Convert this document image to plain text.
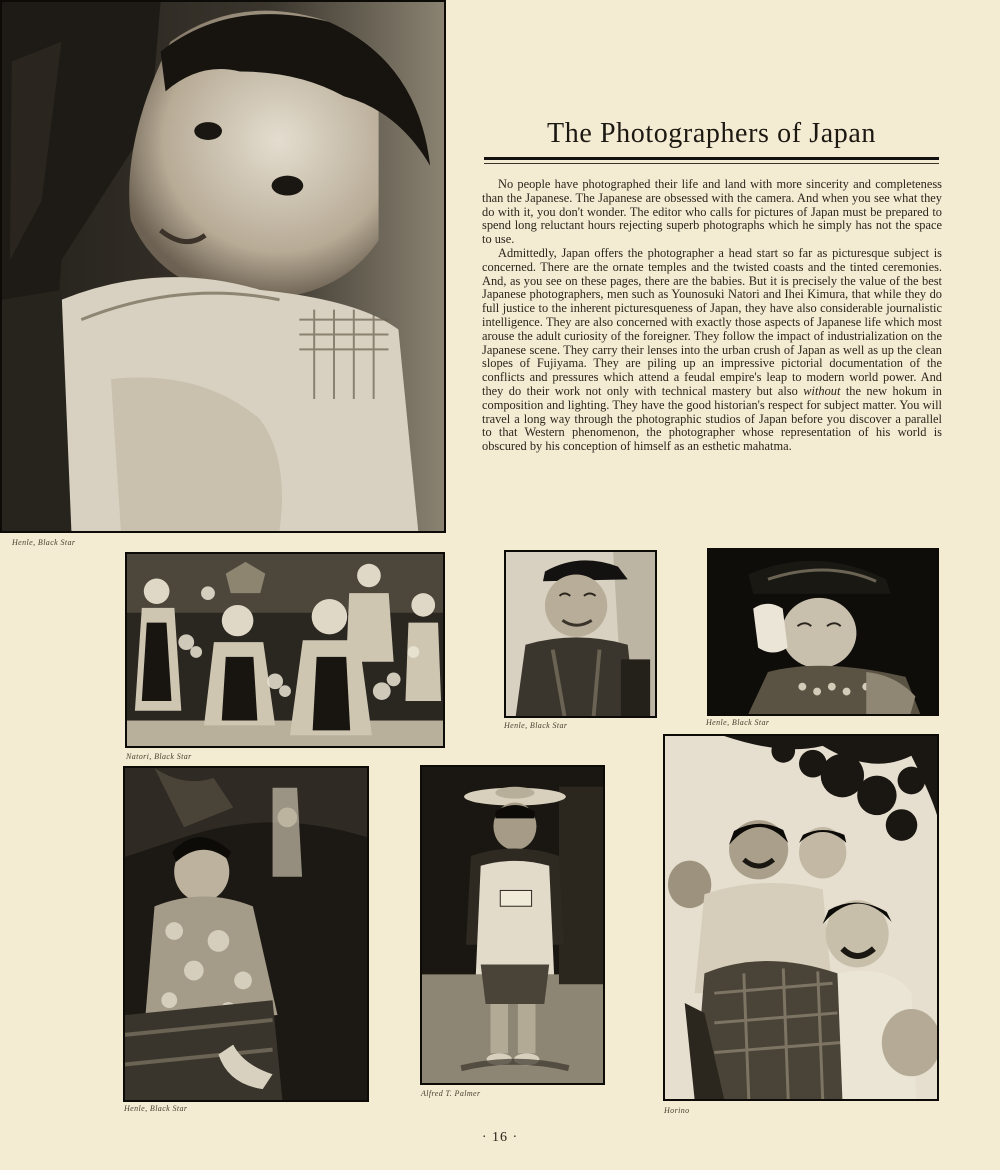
Henle, Black Star
The Photographers of Japan

No people have photographed their life and land with more sincerity and completeness than the Japanese. The Japanese are obsessed with the camera. And when you see what they do with it, you don't wonder. The editor who calls for pictures of Japan must be prepared to spend long reluctant hours rejecting superb photographs which he simply has not the space to use.

Admittedly, Japan offers the photographer a head start so far as picturesque subject is concerned. There are the ornate temples and the twisted coasts and the tinted ceremonies. And, as you see on these pages, there are the babies. But it is precisely the value of the best Japanese photographers, men such as Younosuki Natori and Ihei Kimura, that while they do full justice to the inherent picturesqueness of Japan, they have also considerable journalistic intelligence. They are also concerned with exactly those aspects of Japanese life which most arouse the adult curiosity of the foreigner. They follow the impact of industrialization on the Japanese scene. They carry their lenses into the urban crush of Japan as well as up the clean slopes of Fujiyama. They are piling up an impressive pictorial documentation of the conflicts and pressures which attend a feudal empire's leap to modern world power. And they do their work not only with technical mastery but also without the new hokum in composition and lighting. They have the good historian's respect for subject matter. You will travel a long way through the photographic studios of Japan before you discover a parallel to that Western phenomenon, the photographer whose representation of his world is obscured by his conception of himself as an esthetic mahatma.

Natori, Black Star
Henle, Black Star	Henle, Black Star
Henle, Black Star
Alfred T. Palmer
Horino
· 16 ·
